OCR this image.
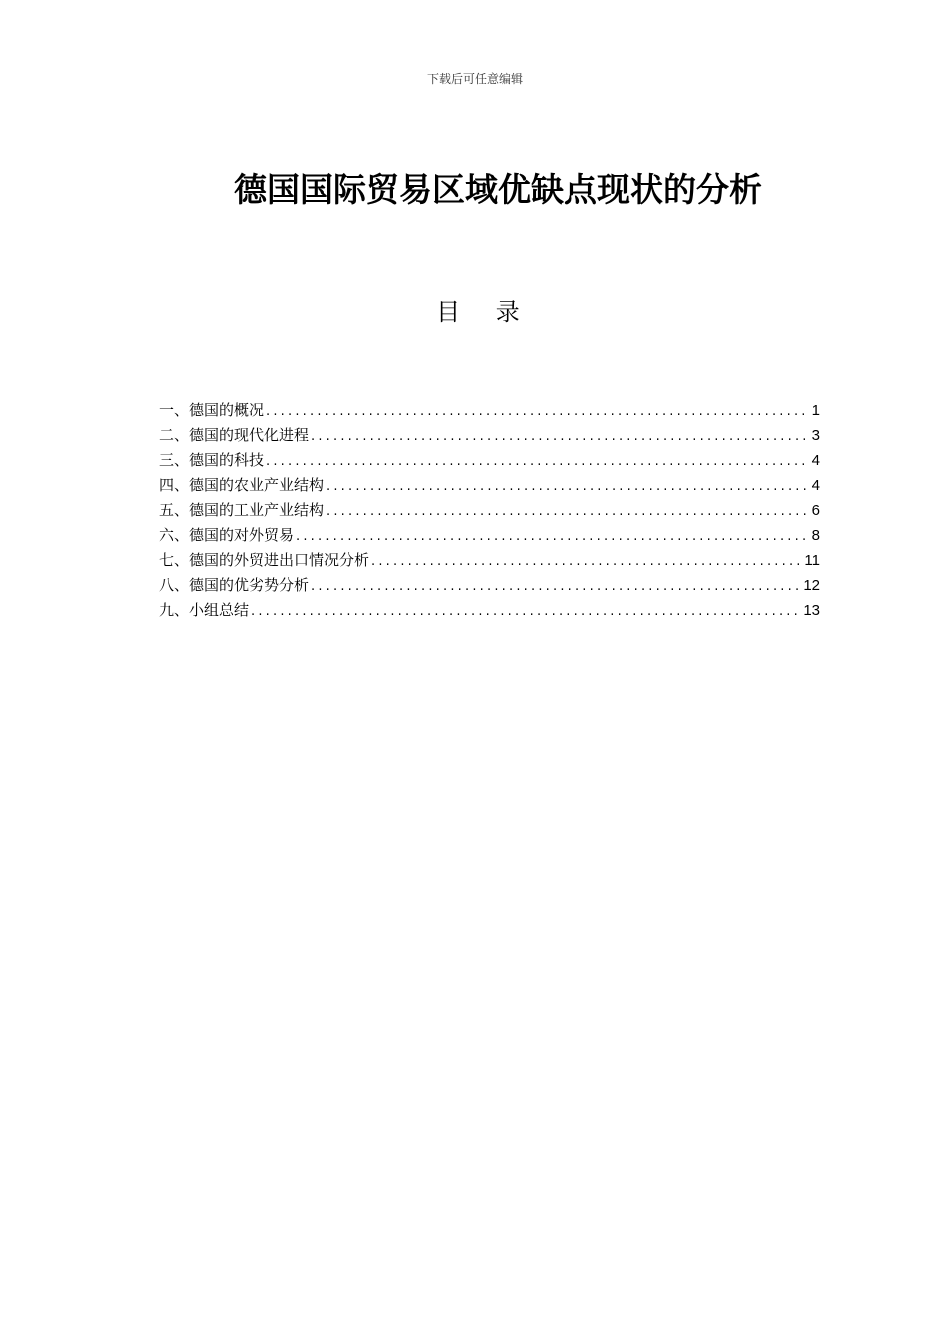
下载后可任意编辑
德国国际贸易区域优缺点现状的分析
目 录
一、德国的概况 .....	1
二、德国的现代化进程 .....	3
三、德国的科技 .....	4
四、德国的农业产业结构 .....	4
五、德国的工业产业结构 .....	6
六、德国的对外贸易 .....	8
七、德国的外贸进出口情况分析 .....	11
八、德国的优劣势分析 .....	12
九、小组总结 .....	13
